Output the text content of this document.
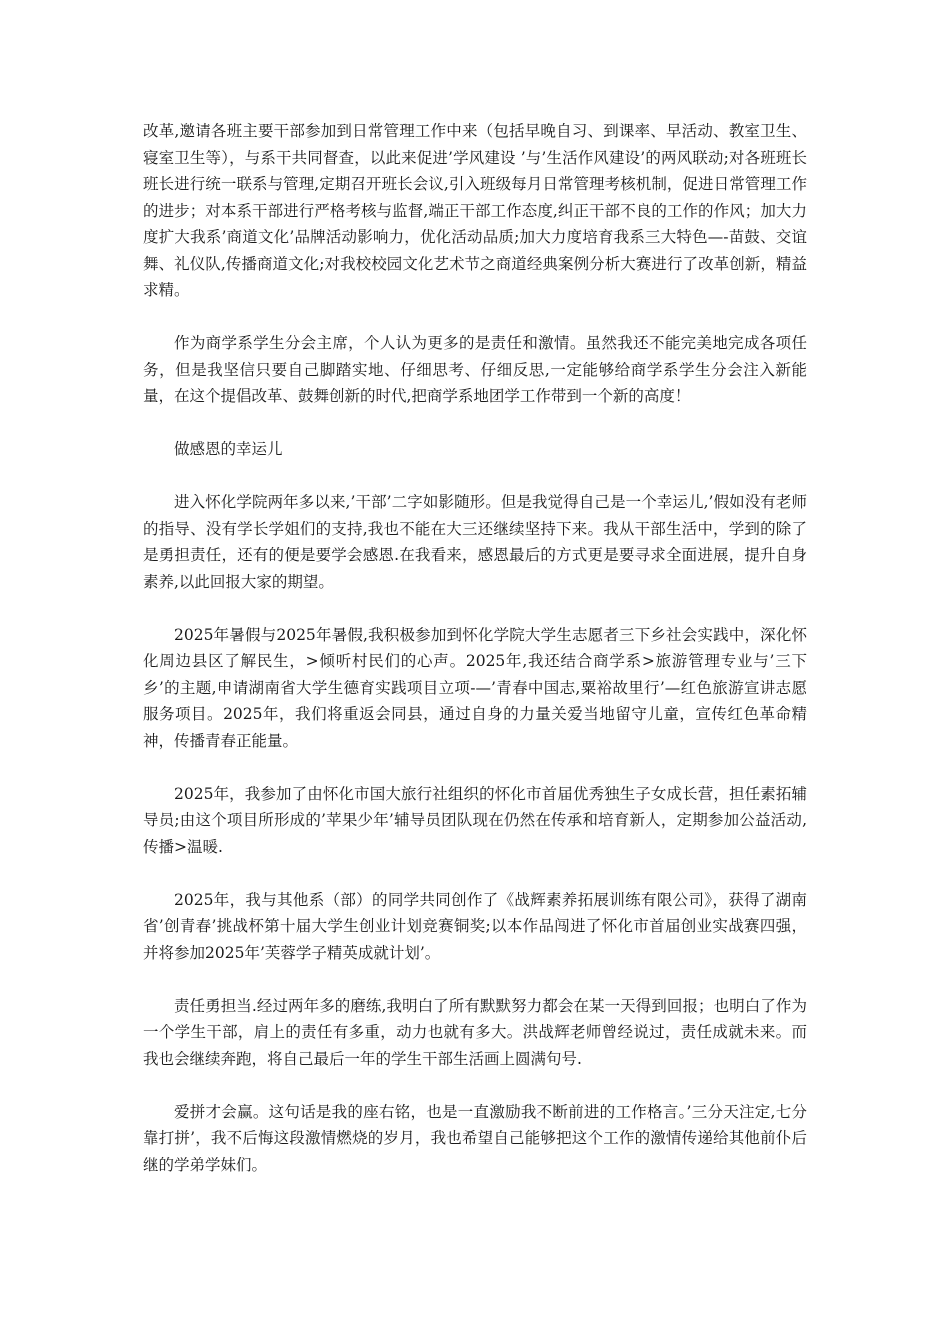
改革,邀请各班主要干部参加到日常管理工作中来（包括早晚自习、到课率、早活动、教室卫生、寝室卫生等），与系干共同督查，以此来促进’学风建设 ’与’生活作风建设’的两风联动;对各班班长班长进行统一联系与管理,定期召开班长会议,引入班级每月日常管理考核机制，促进日常管理工作的进步；对本系干部进行严格考核与监督,端正干部工作态度,纠正干部不良的工作的作风；加大力度扩大我系’商道文化’品牌活动影响力，优化活动品质;加大力度培育我系三大特色—-苗鼓、交谊舞、礼仪队,传播商道文化;对我校校园文化艺术节之商道经典案例分析大赛进行了改革创新，精益求精。

作为商学系学生分会主席，个人认为更多的是责任和激情。虽然我还不能完美地完成各项任务，但是我坚信只要自己脚踏实地、仔细思考、仔细反思,一定能够给商学系学生分会注入新能量，在这个提倡改革、鼓舞创新的时代,把商学系地团学工作带到一个新的高度！

做感恩的幸运儿

进入怀化学院两年多以来,’干部’二字如影随形。但是我觉得自己是一个幸运儿,’假如没有老师的指导、没有学长学姐们的支持,我也不能在大三还继续坚持下来。我从干部生活中，学到的除了是勇担责任，还有的便是要学会感恩.在我看来，感恩最后的方式更是要寻求全面进展，提升自身素养,以此回报大家的期望。

2025年暑假与2025年暑假,我积极参加到怀化学院大学生志愿者三下乡社会实践中，深化怀化周边县区了解民生，>倾听村民们的心声。2025年,我还结合商学系>旅游管理专业与’三下乡’的主题,申请湖南省大学生德育实践项目立项-—’青春中国志,粟裕故里行’—红色旅游宣讲志愿服务项目。2025年，我们将重返会同县，通过自身的力量关爱当地留守儿童，宣传红色革命精神，传播青春正能量。

2025年，我参加了由怀化市国大旅行社组织的怀化市首届优秀独生子女成长营，担任素拓辅导员;由这个项目所形成的’苹果少年’辅导员团队现在仍然在传承和培育新人，定期参加公益活动,传播>温暖.

2025年，我与其他系（部）的同学共同创作了《战辉素养拓展训练有限公司》，获得了湖南省’创青春’挑战杯第十届大学生创业计划竞赛铜奖;以本作品闯进了怀化市首届创业实战赛四强，并将参加2025年’芙蓉学子精英成就计划’。

责任勇担当.经过两年多的磨练,我明白了所有默默努力都会在某一天得到回报；也明白了作为一个学生干部，肩上的责任有多重，动力也就有多大。洪战辉老师曾经说过，责任成就未来。而我也会继续奔跑，将自己最后一年的学生干部生活画上圆满句号.

爱拼才会赢。这句话是我的座右铭，也是一直激励我不断前进的工作格言。’三分天注定,七分靠打拼’，我不后悔这段激情燃烧的岁月，我也希望自己能够把这个工作的激情传递给其他前仆后继的学弟学妹们。
